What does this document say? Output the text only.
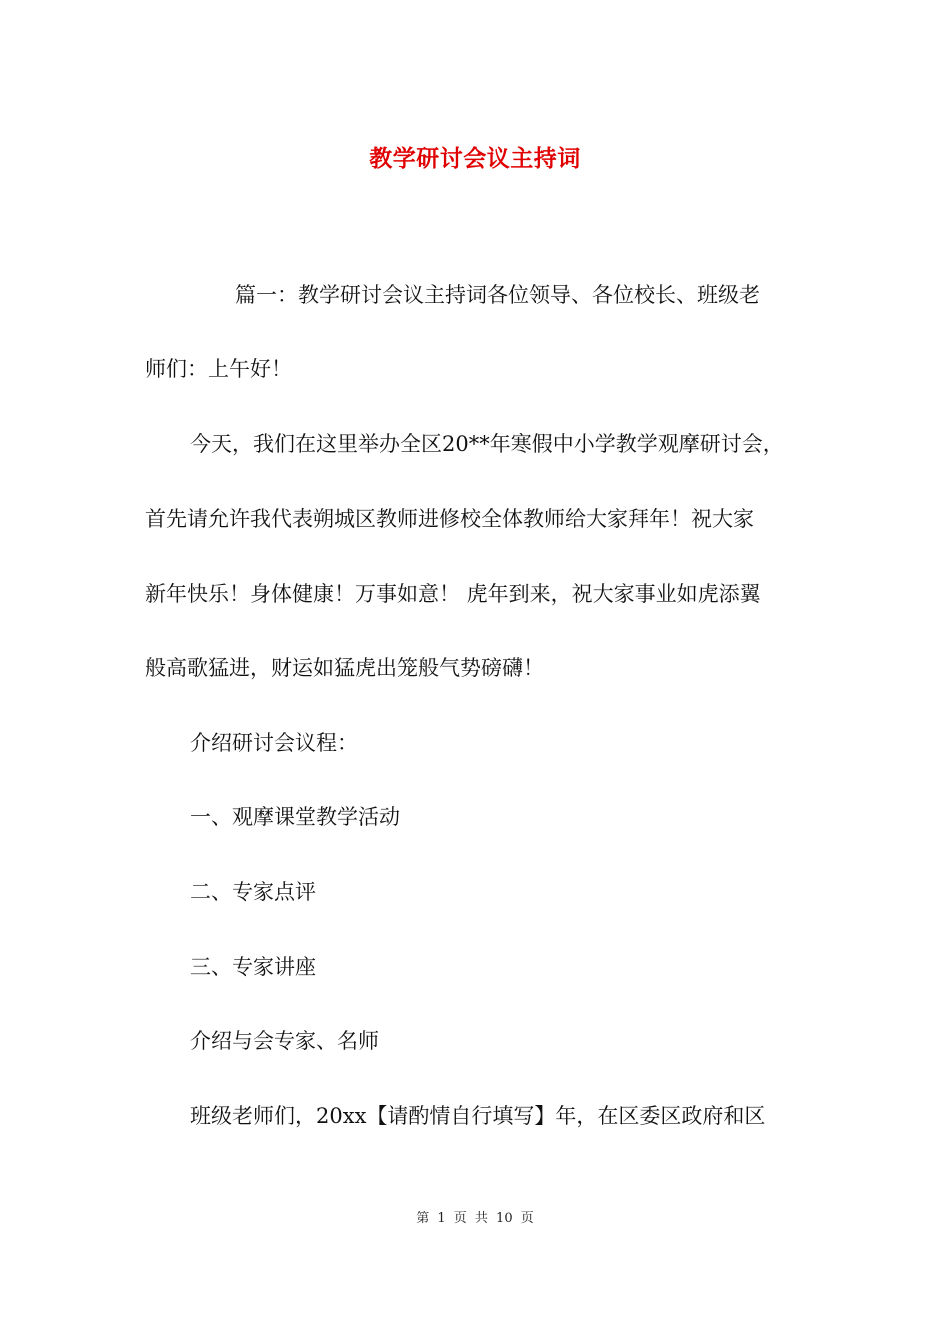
教学研讨会议主持词
篇一：教学研讨会议主持词各位领导、各位校长、班级老
师们：上午好！
今天，我们在这里举办全区20**年寒假中小学教学观摩研讨会，
首先请允许我代表朔城区教师进修校全体教师给大家拜年！祝大家
新年快乐！身体健康！万事如意！ 虎年到来，祝大家事业如虎添翼
般高歌猛进，财运如猛虎出笼般气势磅礴！
介绍研讨会议程：
一、观摩课堂教学活动
二、专家点评
三、专家讲座
介绍与会专家、名师
班级老师们，20xx【请酌情自行填写】年，在区委区政府和区
第 1 页 共 10 页
